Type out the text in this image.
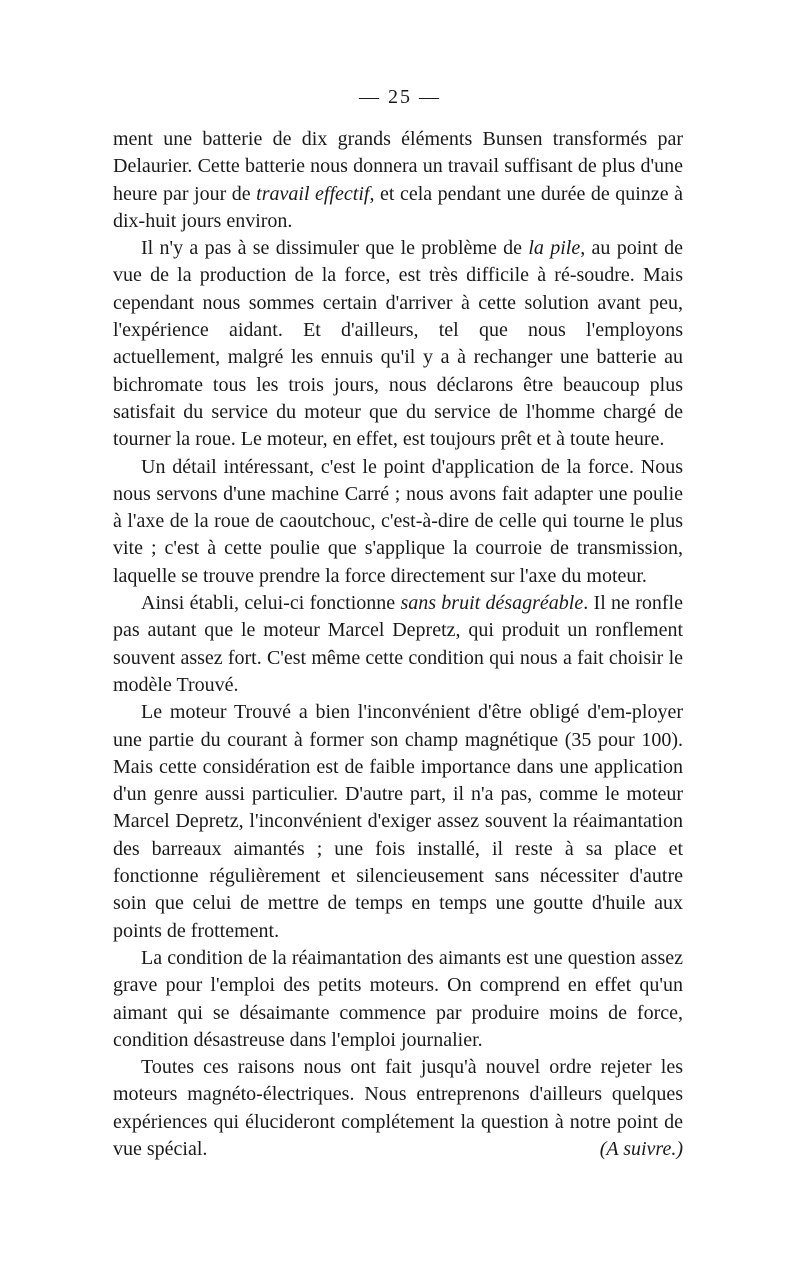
— 25 —

ment une batterie de dix grands éléments Bunsen transformés par Delaurier. Cette batterie nous donnera un travail suffisant de plus d'une heure par jour de travail effectif, et cela pendant une durée de quinze à dix-huit jours environ.

Il n'y a pas à se dissimuler que le problème de la pile, au point de vue de la production de la force, est très difficile à ré-soudre. Mais cependant nous sommes certain d'arriver à cette solution avant peu, l'expérience aidant. Et d'ailleurs, tel que nous l'employons actuellement, malgré les ennuis qu'il y a à rechanger une batterie au bichromate tous les trois jours, nous déclarons être beaucoup plus satisfait du service du moteur que du service de l'homme chargé de tourner la roue. Le moteur, en effet, est toujours prêt et à toute heure.

Un détail intéressant, c'est le point d'application de la force. Nous nous servons d'une machine Carré ; nous avons fait adapter une poulie à l'axe de la roue de caoutchouc, c'est-à-dire de celle qui tourne le plus vite ; c'est à cette poulie que s'applique la courroie de transmission, laquelle se trouve prendre la force directement sur l'axe du moteur.

Ainsi établi, celui-ci fonctionne sans bruit désagréable. Il ne ronfle pas autant que le moteur Marcel Depretz, qui produit un ronflement souvent assez fort. C'est même cette condition qui nous a fait choisir le modèle Trouvé.

Le moteur Trouvé a bien l'inconvénient d'être obligé d'em-ployer une partie du courant à former son champ magnétique (35 pour 100). Mais cette considération est de faible importance dans une application d'un genre aussi particulier. D'autre part, il n'a pas, comme le moteur Marcel Depretz, l'inconvénient d'exiger assez souvent la réaimantation des barreaux aimantés ; une fois installé, il reste à sa place et fonctionne régulièrement et silencieusement sans nécessiter d'autre soin que celui de mettre de temps en temps une goutte d'huile aux points de frottement.

La condition de la réaimantation des aimants est une question assez grave pour l'emploi des petits moteurs. On comprend en effet qu'un aimant qui se désaimante commence par produire moins de force, condition désastreuse dans l'emploi journalier.

Toutes ces raisons nous ont fait jusqu'à nouvel ordre rejeter les moteurs magnéto-électriques. Nous entreprenons d'ailleurs quelques expériences qui élucideront complétement la question à notre point de vue spécial.	(A suivre.)
